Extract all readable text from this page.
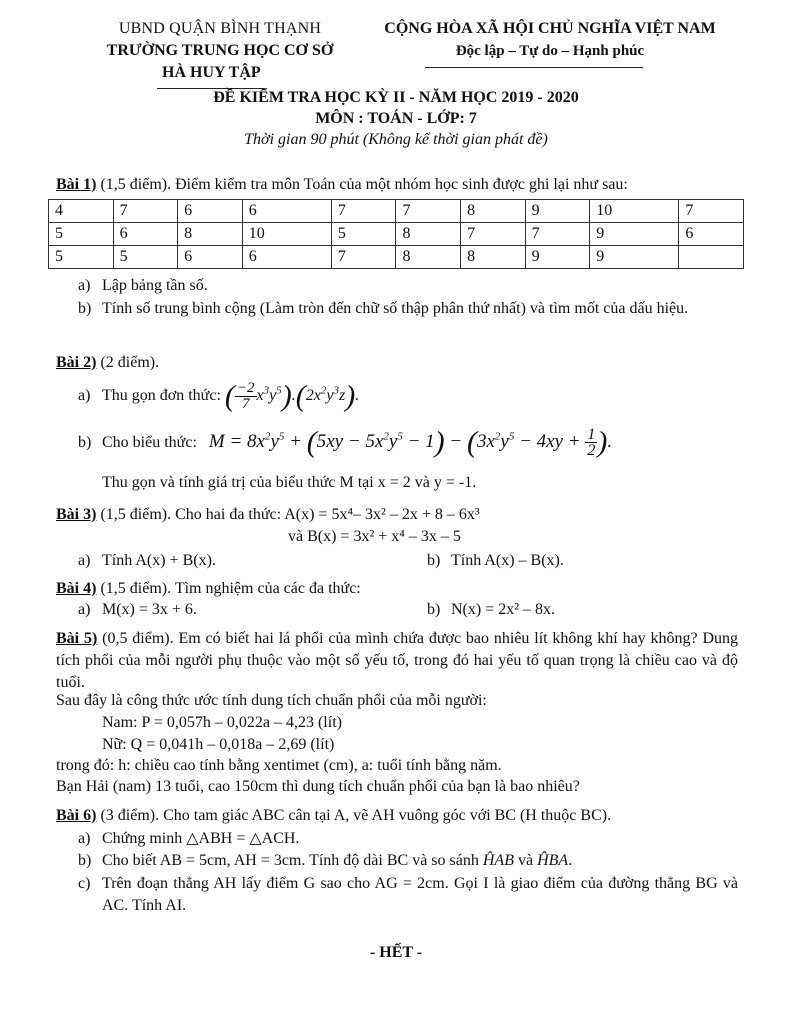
UBND QUẬN BÌNH THẠNH
TRƯỜNG TRUNG HỌC CƠ SỞ
HÀ HUY TẬP
CỘNG HÒA XÃ HỘI CHỦ NGHĨA VIỆT NAM
Độc lập – Tự do – Hạnh phúc
ĐỀ KIỂM TRA HỌC KỲ II - NĂM HỌC 2019 - 2020
MÔN : TOÁN - LỚP: 7
Thời gian 90 phút (Không kể thời gian phát đề)
Bài 1) (1,5 điểm). Điểm kiểm tra môn Toán của một nhóm học sinh được ghi lại như sau:
4	7	6	6	7	7	8	9	10	7
5	6	8	10	5	8	7	7	9	6
5	5	6	6	7	8	8	9	9	
a) Lập bảng tần số.
b) Tính số trung bình cộng (Làm tròn đến chữ số thập phân thứ nhất) và tìm mốt của dấu hiệu.
Bài 2) (2 điểm).
a) Thu gọn đơn thức: ( $\frac{-2}{7} x^3y^5).(2x^2y^3z)$.
b) Cho biểu thức: $M = 8x^2y^5 + (5xy - 5x^2y^5 - 1) - (3x^2y^5 - 4xy + \frac{1}{2}$ ).
Thu gọn và tính giá trị của biểu thức M tại x = 2 và y = -1.
Bài 3) (1,5 điểm). Cho hai đa thức: A(x) = 5x⁴– 3x² – 2x + 8 – 6x³
và B(x) = 3x² + x⁴ – 3x – 5
a) Tính A(x) + B(x).	b) Tính A(x) – B(x).
Bài 4) (1,5 điểm). Tìm nghiệm của các đa thức:
a) M(x) = 3x + 6.	b) N(x) = 2x² – 8x.
Bài 5) (0,5 điểm). Em có biết hai lá phổi của mình chứa được bao nhiêu lít không khí hay không? Dung tích phổi của mỗi người phụ thuộc vào một số yếu tố, trong đó hai yếu tố quan trọng là chiều cao và độ tuổi.
Sau đây là công thức ước tính dung tích chuẩn phổi của mỗi người:
Nam: P = 0,057h – 0,022a – 4,23 (lít)
Nữ: Q = 0,041h – 0,018a – 2,69 (lít)
trong đó: h: chiều cao tính bằng xentimet (cm), a: tuổi tính bằng năm.
Bạn Hải (nam) 13 tuổi, cao 150cm thì dung tích chuẩn phổi của bạn là bao nhiêu?
Bài 6) (3 điểm). Cho tam giác ABC cân tại A, vẽ AH vuông góc với BC (H thuộc BC).
a) Chứng minh △ABH = △ACH.
b) Cho biết AB = 5cm, AH = 3cm. Tính độ dài BC và so sánh ĤAB và ĤBA.
c) Trên đoạn thẳng AH lấy điểm G sao cho AG = 2cm. Gọi I là giao điểm của đường thẳng BG và AC. Tính AI.
- HẾT -
